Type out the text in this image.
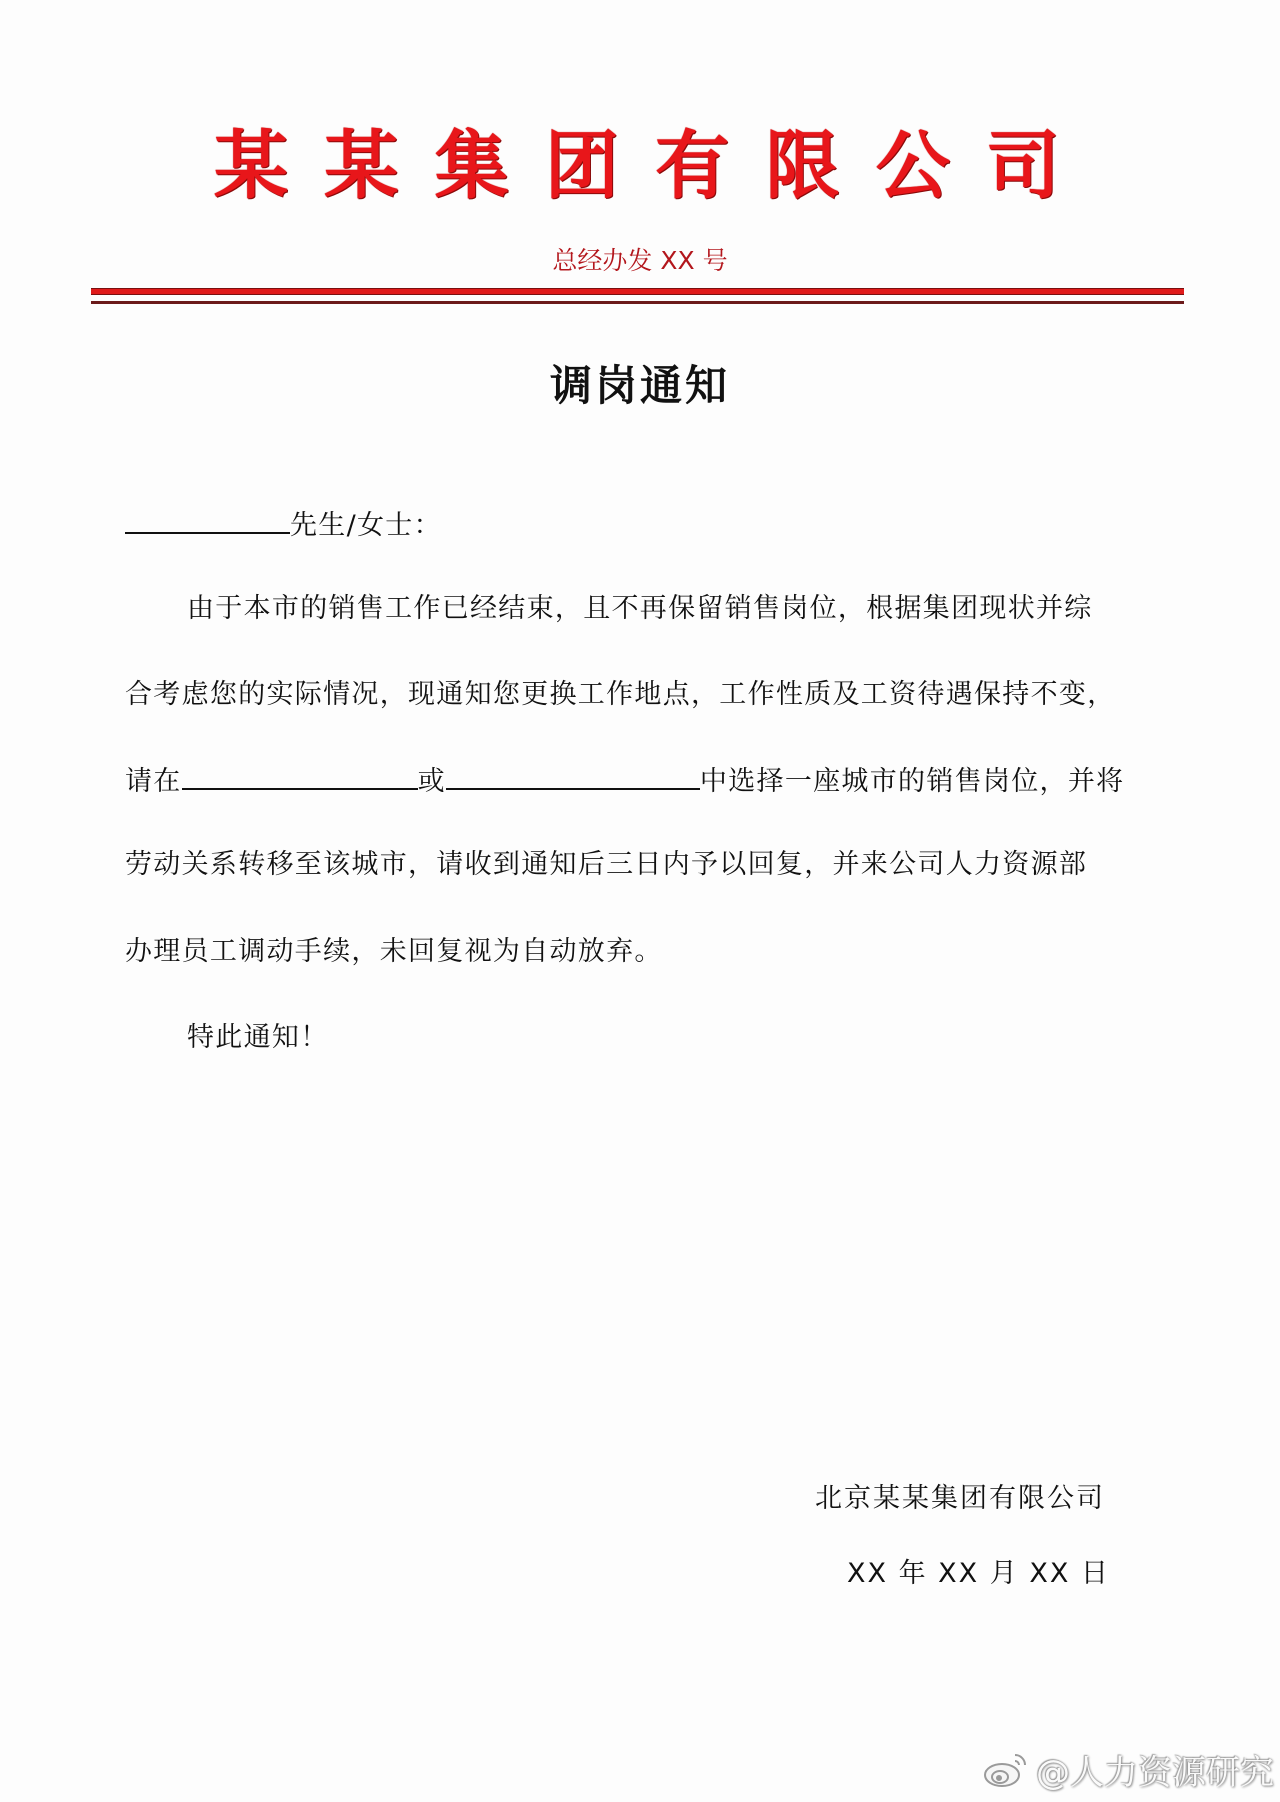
某 某 集 团 有 限 公 司
总经办发 XX 号
调岗通知
先生/女士：
由于本市的销售工作已经结束，且不再保留销售岗位，根据集团现状并综
合考虑您的实际情况，现通知您更换工作地点，工作性质及工资待遇保持不变，
请在	或	中选择一座城市的销售岗位，并将
劳动关系转移至该城市，请收到通知后三日内予以回复，并来公司人力资源部
办理员工调动手续，未回复视为自动放弃。
特此通知！
北京某某集团有限公司
XX 年 XX 月 XX 日
@人力资源研究
